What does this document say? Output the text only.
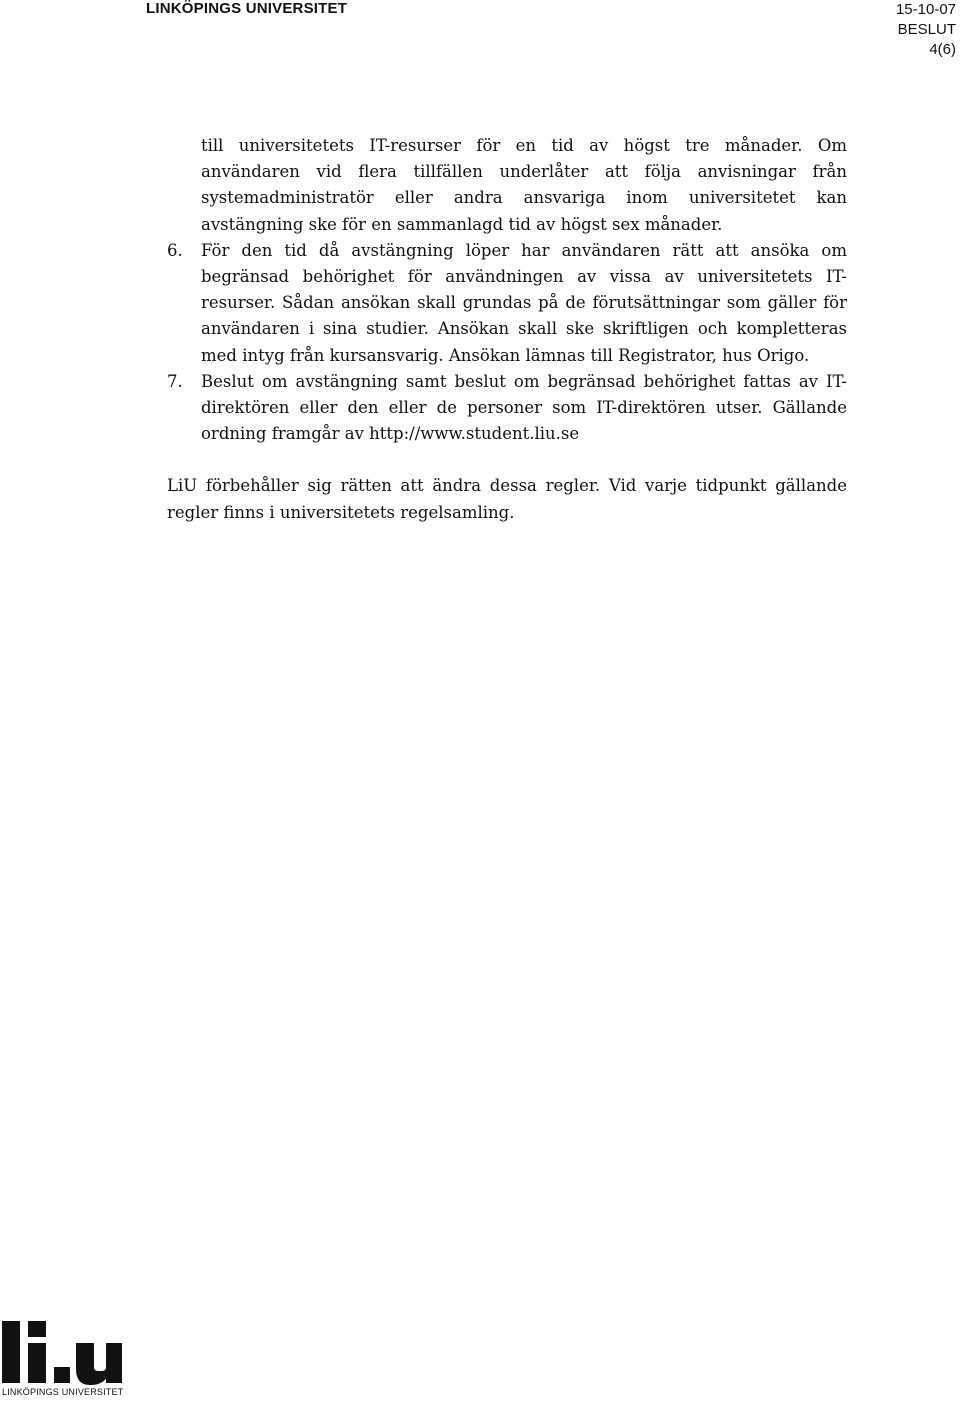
LINKÖPINGS UNIVERSITET	15-10-07
BESLUT
4(6)
till universitetets IT-resurser för en tid av högst tre månader. Om användaren vid flera tillfällen underlåter att följa anvisningar från systemadministratör eller andra ansvariga inom universitetet kan avstängning ske för en sammanlagd tid av högst sex månader.
6. För den tid då avstängning löper har användaren rätt att ansöka om begränsad behörighet för användningen av vissa av universitetets IT-resurser. Sådan ansökan skall grundas på de förutsättningar som gäller för användaren i sina studier. Ansökan skall ske skriftligen och kompletteras med intyg från kursansvarig. Ansökan lämnas till Registrator, hus Origo.
7. Beslut om avstängning samt beslut om begränsad behörighet fattas av IT-direktören eller den eller de personer som IT-direktören utser. Gällande ordning framgår av http://www.student.liu.se
LiU förbehåller sig rätten att ändra dessa regler. Vid varje tidpunkt gällande regler finns i universitetets regelsamling.
LINKÖPINGS UNIVERSITET
